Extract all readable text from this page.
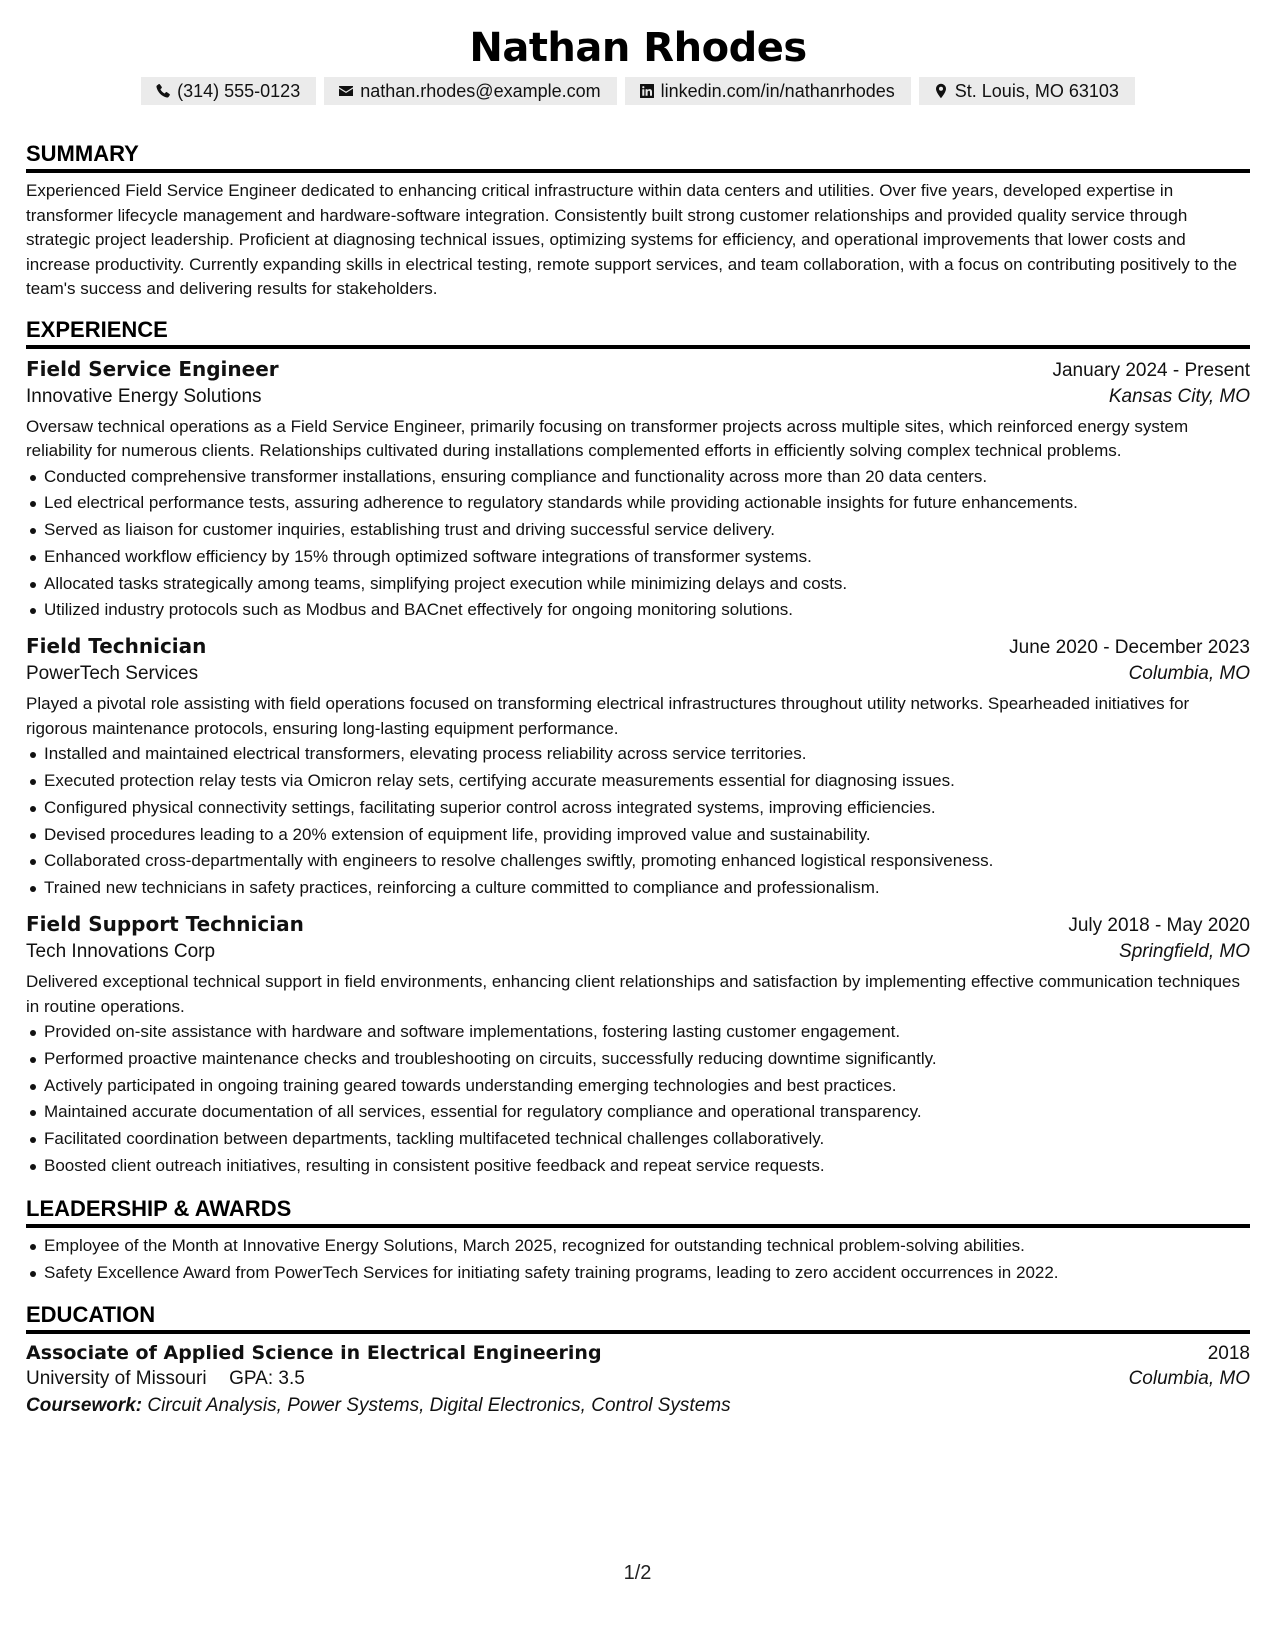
Nathan Rhodes
(314) 555-0123	nathan.rhodes@example.com	linkedin.com/in/nathanrhodes	St. Louis, MO 63103
SUMMARY

Experienced Field Service Engineer dedicated to enhancing critical infrastructure within data centers and utilities. Over five years, developed expertise in transformer lifecycle management and hardware-software integration. Consistently built strong customer relationships and provided quality service through strategic project leadership. Proficient at diagnosing technical issues, optimizing systems for efficiency, and operational improvements that lower costs and increase productivity. Currently expanding skills in electrical testing, remote support services, and team collaboration, with a focus on contributing positively to the team's success and delivering results for stakeholders.

EXPERIENCE
Field Service Engineer	January 2024 - Present
Innovative Energy Solutions	Kansas City, MO

Oversaw technical operations as a Field Service Engineer, primarily focusing on transformer projects across multiple sites, which reinforced energy system reliability for numerous clients. Relationships cultivated during installations complemented efforts in efficiently solving complex technical problems.

Conducted comprehensive transformer installations, ensuring compliance and functionality across more than 20 data centers.
Led electrical performance tests, assuring adherence to regulatory standards while providing actionable insights for future enhancements.
Served as liaison for customer inquiries, establishing trust and driving successful service delivery.
Enhanced workflow efficiency by 15% through optimized software integrations of transformer systems.
Allocated tasks strategically among teams, simplifying project execution while minimizing delays and costs.
Utilized industry protocols such as Modbus and BACnet effectively for ongoing monitoring solutions.
Field Technician	June 2020 - December 2023
PowerTech Services	Columbia, MO

Played a pivotal role assisting with field operations focused on transforming electrical infrastructures throughout utility networks. Spearheaded initiatives for rigorous maintenance protocols, ensuring long-lasting equipment performance.

Installed and maintained electrical transformers, elevating process reliability across service territories.
Executed protection relay tests via Omicron relay sets, certifying accurate measurements essential for diagnosing issues.
Configured physical connectivity settings, facilitating superior control across integrated systems, improving efficiencies.
Devised procedures leading to a 20% extension of equipment life, providing improved value and sustainability.
Collaborated cross-departmentally with engineers to resolve challenges swiftly, promoting enhanced logistical responsiveness.
Trained new technicians in safety practices, reinforcing a culture committed to compliance and professionalism.
Field Support Technician	July 2018 - May 2020
Tech Innovations Corp	Springfield, MO

Delivered exceptional technical support in field environments, enhancing client relationships and satisfaction by implementing effective communication techniques in routine operations.

Provided on-site assistance with hardware and software implementations, fostering lasting customer engagement.
Performed proactive maintenance checks and troubleshooting on circuits, successfully reducing downtime significantly.
Actively participated in ongoing training geared towards understanding emerging technologies and best practices.
Maintained accurate documentation of all services, essential for regulatory compliance and operational transparency.
Facilitated coordination between departments, tackling multifaceted technical challenges collaboratively.
Boosted client outreach initiatives, resulting in consistent positive feedback and repeat service requests.
LEADERSHIP & AWARDS
Employee of the Month at Innovative Energy Solutions, March 2025, recognized for outstanding technical problem-solving abilities.
Safety Excellence Award from PowerTech Services for initiating safety training programs, leading to zero accident occurrences in 2022.
EDUCATION
Associate of Applied Science in Electrical Engineering	2018
University of Missouri GPA: 3.5	Columbia, MO
Coursework: Circuit Analysis, Power Systems, Digital Electronics, Control Systems
1/2
